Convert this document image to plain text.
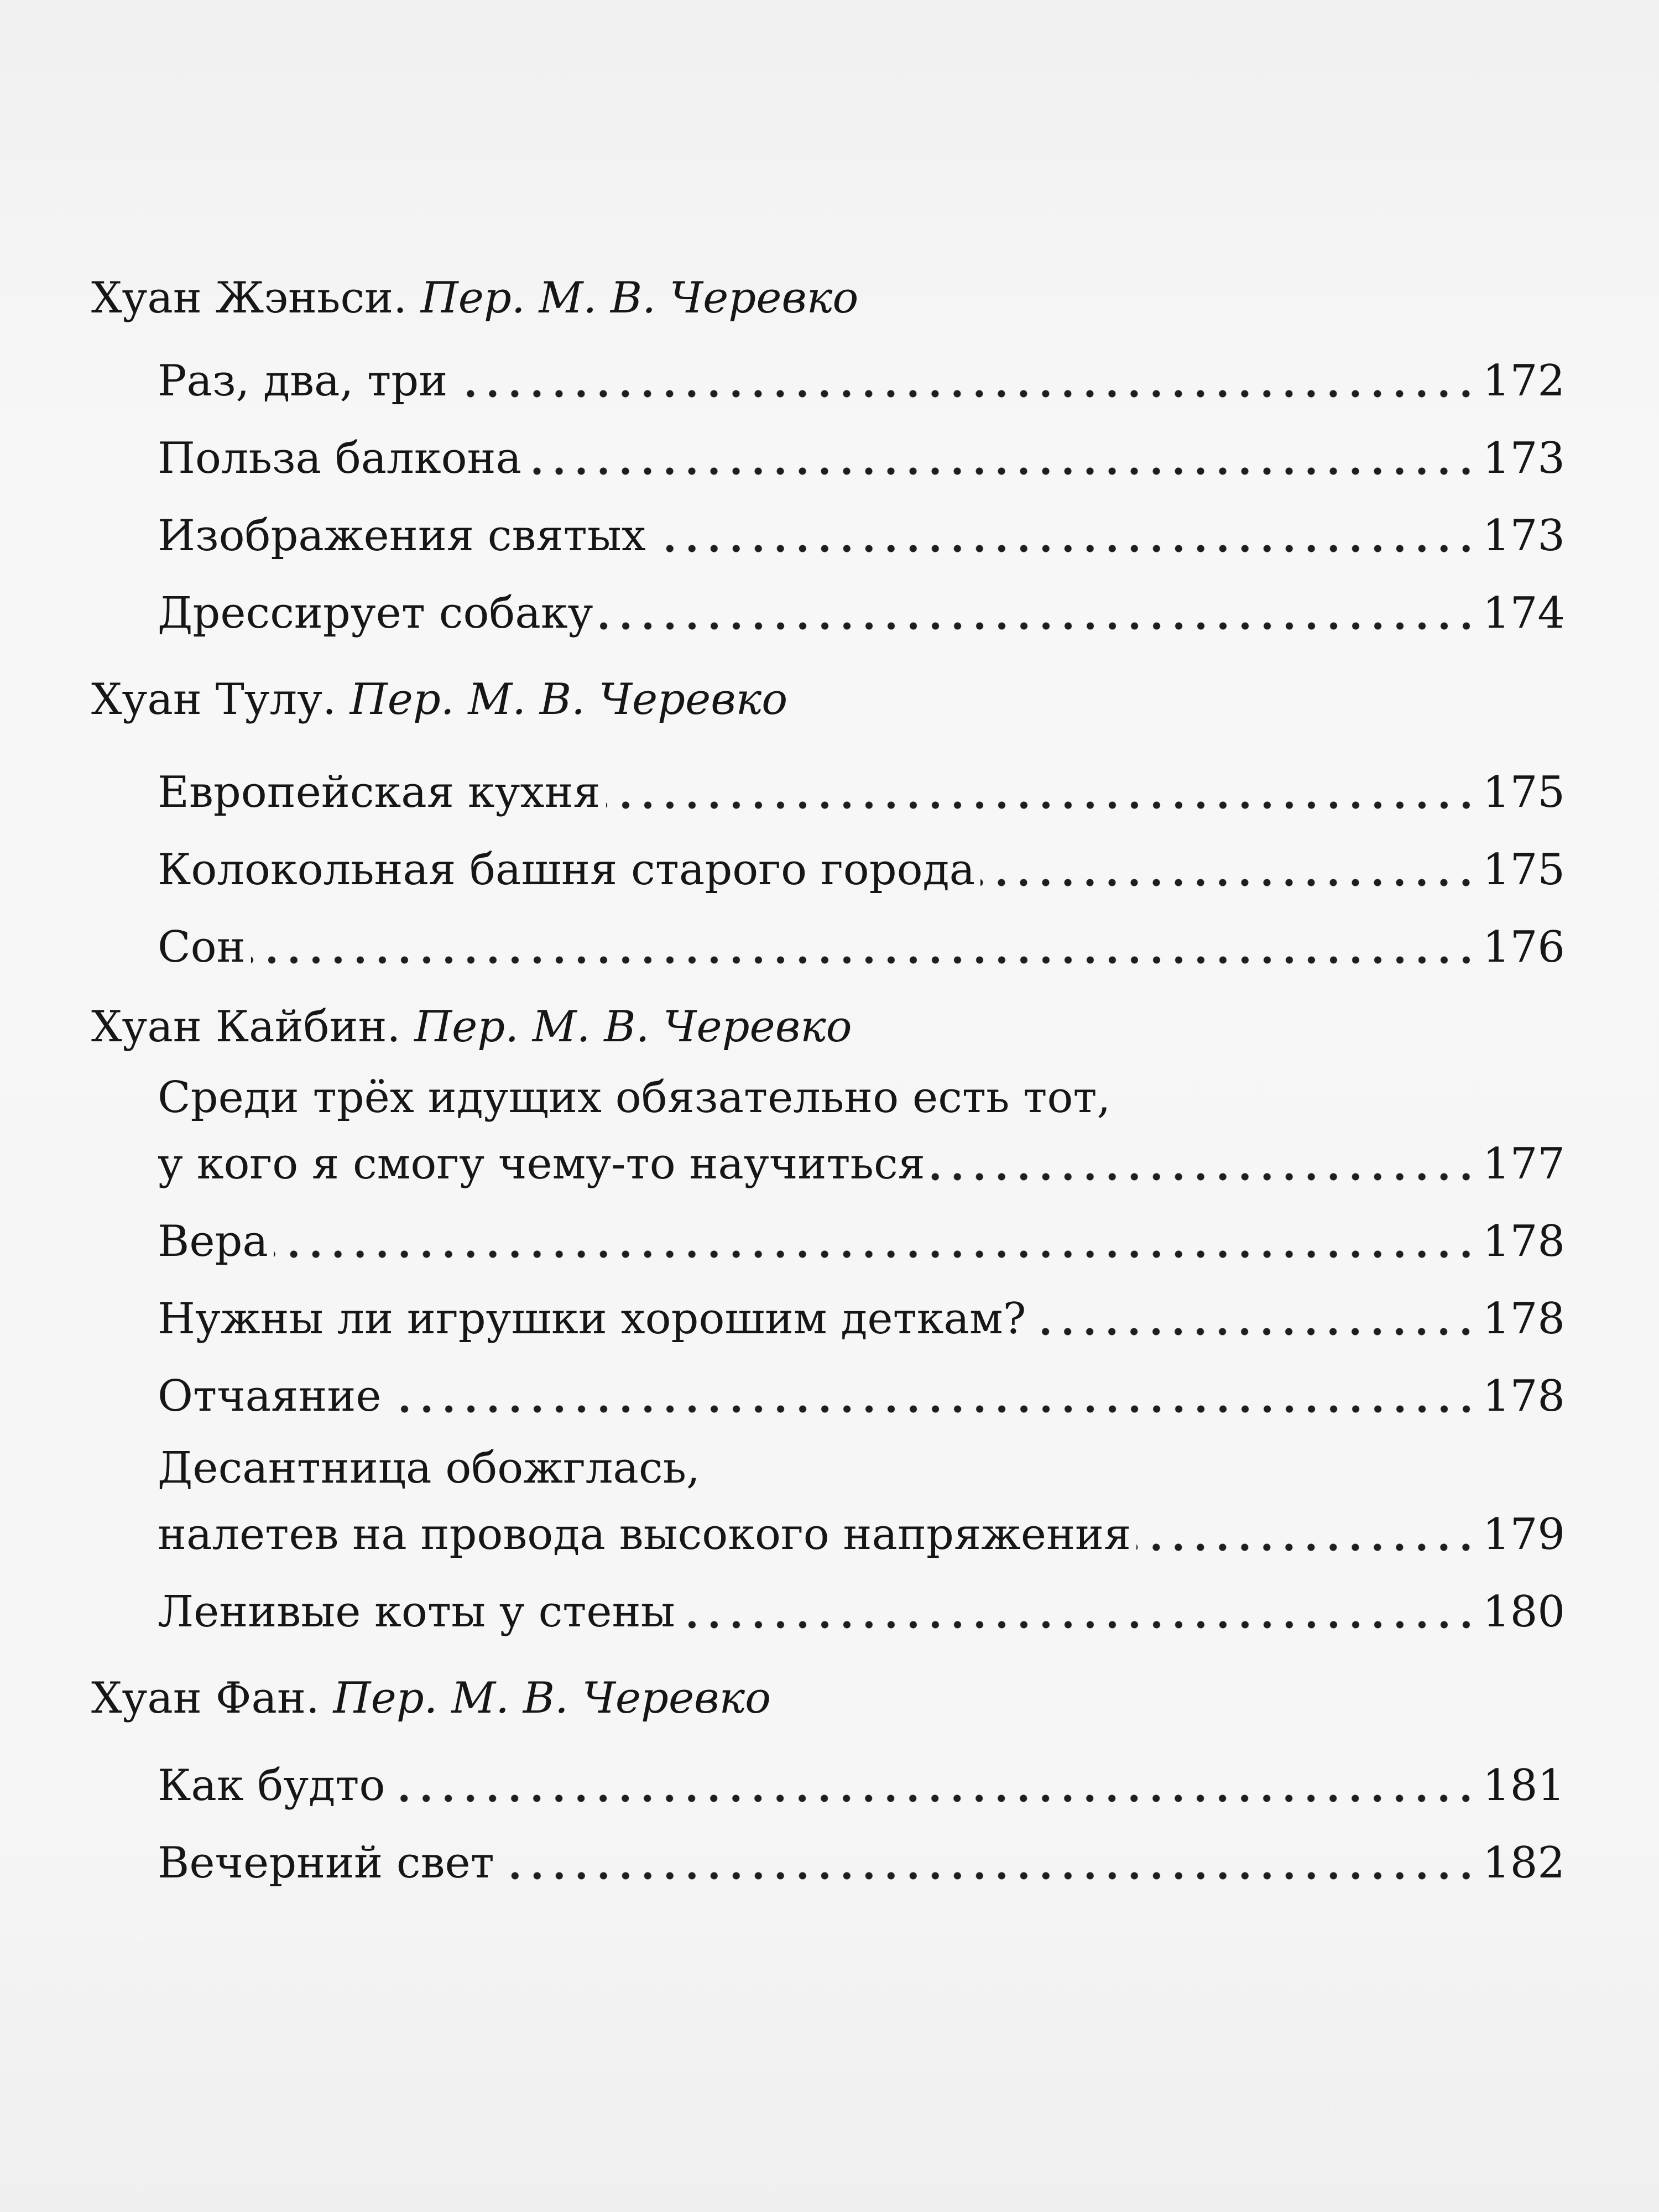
Хуан Жэньси. Пер. М. В. Черевко
Раз, два, три	172
Польза балкона	173
Изображения святых	173
Дрессирует собаку	174
Хуан Тулу. Пер. М. В. Черевко
Европейская кухня	175
Колокольная башня старого города	175
Сон	176
Хуан Кайбин. Пер. М. В. Черевко
Среди трёх идущих обязательно есть тот,
у кого я смогу чему-то научиться	177
Вера	178
Нужны ли игрушки хорошим деткам?	178
Отчаяние	178
Десантница обожглась,
налетев на провода высокого напряжения	179
Ленивые коты у стены	180
Хуан Фан. Пер. М. В. Черевко
Как будто	181
Вечерний свет	182
